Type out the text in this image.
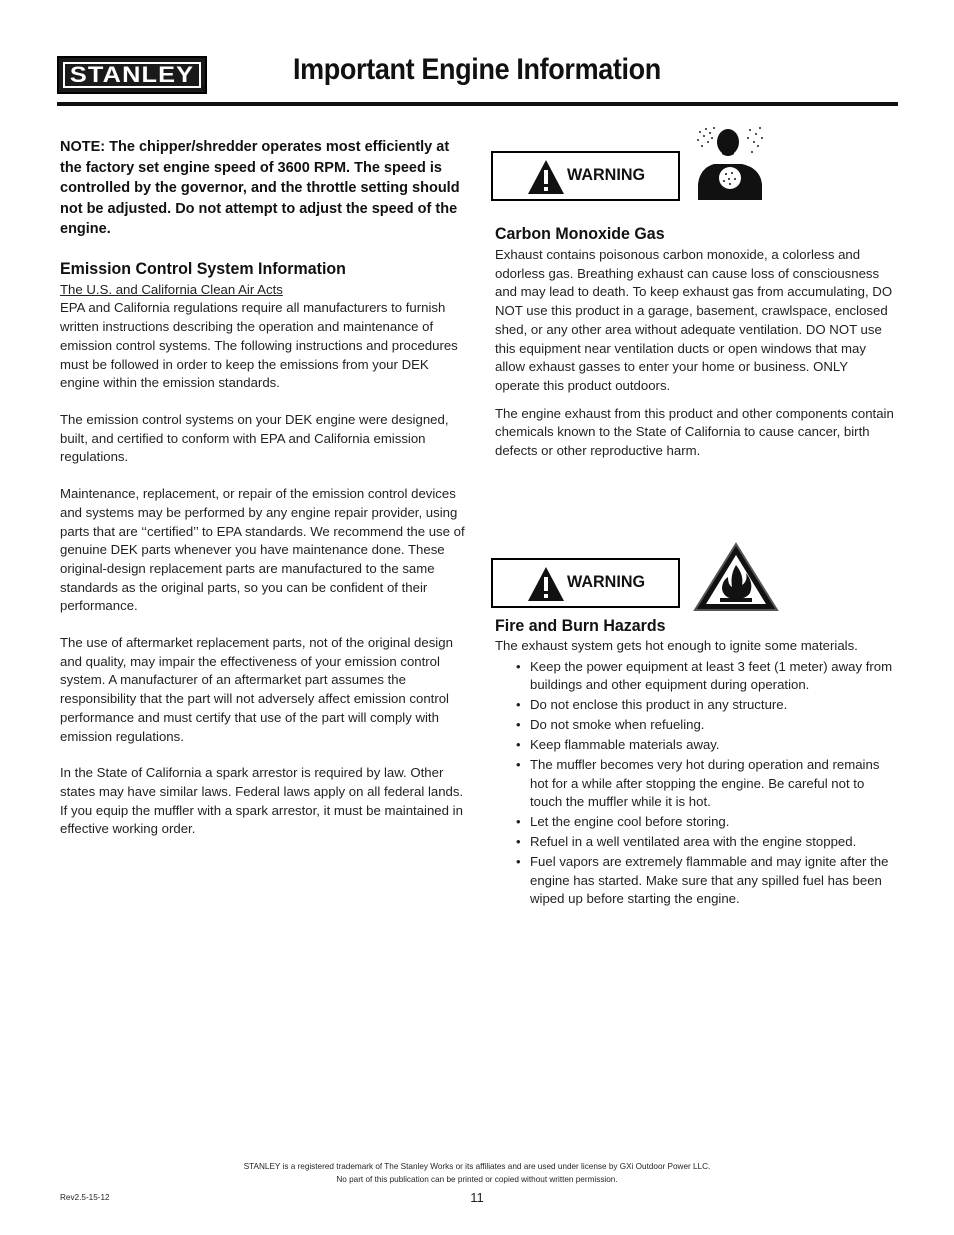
STANLEY
®
Important Engine Information

NOTE: The chipper/shredder operates most efficiently at the factory set engine speed of 3600 RPM. The speed is controlled by the governor, and the throttle setting should not be adjusted. Do not attempt to adjust the speed of the engine.

Emission Control System Information
The U.S. and California Clean Air Acts

EPA and California regulations require all manufacturers to furnish written instructions describing the operation and maintenance of emission control systems. The following instructions and procedures must be followed in order to keep the emissions from your DEK engine within the emission standards.

The emission control systems on your DEK engine were designed, built, and certified to conform with EPA and California emission regulations.

Maintenance, replacement, or repair of the emission control devices and systems may be performed by any engine repair provider, using parts that are ‘‘certified’’ to EPA standards. We recommend the use of genuine DEK parts whenever you have maintenance done. These original-design replacement parts are manufactured to the same standards as the original parts, so you can be confident of their performance.

The use of aftermarket replacement parts, not of the original design and quality, may impair the effectiveness of your emission control system. A manufacturer of an aftermarket part assumes the responsibility that the part will not adversely affect emission control performance and must certify that use of the part will comply with emission regulations.

In the State of California a spark arrestor is required by law. Other states may have similar laws. Federal laws apply on all federal lands. If you equip the muffler with a spark arrestor, it must be maintained in effective working order.

WARNING
Carbon Monoxide Gas

Exhaust contains poisonous carbon monoxide, a colorless and odorless gas. Breathing exhaust can cause loss of consciousness and may lead to death. To keep exhaust gas from accumulating, DO NOT use this product in a garage, basement, crawlspace, enclosed shed, or any other area without adequate ventilation. DO NOT use this equipment near ventilation ducts or open windows that may allow exhaust gasses to enter your home or business. ONLY operate this product outdoors.

The engine exhaust from this product and other components contain chemicals known to the State of California to cause cancer, birth defects or other reproductive harm.

WARNING
Fire and Burn Hazards

The exhaust system gets hot enough to ignite some materials.

• Keep the power equipment at least 3 feet (1 meter) away from buildings and other equipment during operation.
• Do not enclose this product in any structure.
• Do not smoke when refueling.
• Keep flammable materials away.
• The muffler becomes very hot during operation and remains hot for a while after stopping the engine. Be careful not to touch the muffler while it is hot.
• Let the engine cool before storing.
• Refuel in a well ventilated area with the engine stopped.
• Fuel vapors are extremely flammable and may ignite after the engine has started. Make sure that any spilled fuel has been wiped up before starting the engine.
STANLEY is a registered trademark of The Stanley Works or its affiliates and are used under license by GXi Outdoor Power LLC.
No part of this publication can be printed or copied without written permission.
Rev2.5-15-12	11
